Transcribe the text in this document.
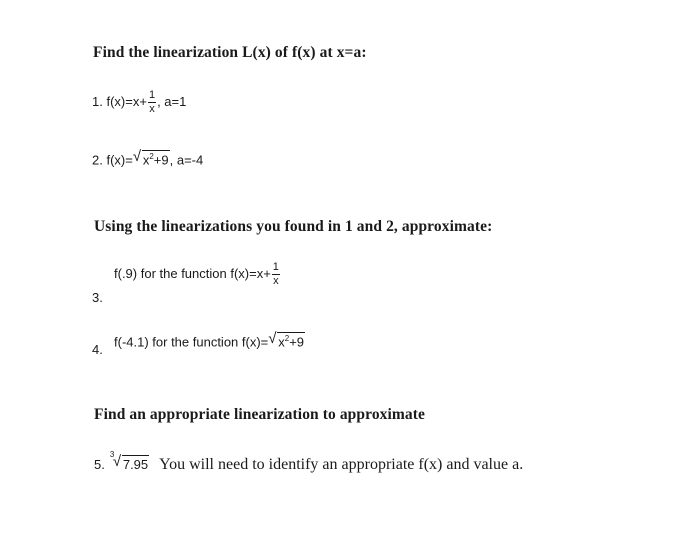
Find the linearization L(x) of f(x) at x=a:
1. $f(x)=x+ \frac{1}{x}$ , a=1
2. f(x)= √ $x^2+9$, a=-4
Using the linearizations you found in 1 and 2, approximate:
3.
f(.9) for the function $f(x)=x+ \frac{1}{x}$
4.
f(-4.1) for the function f(x)= √ $x^2+9$
Find an appropriate linearization to approximate
5.
3
√ 7.95 You will need to identify an appropriate f(x) and value a.
